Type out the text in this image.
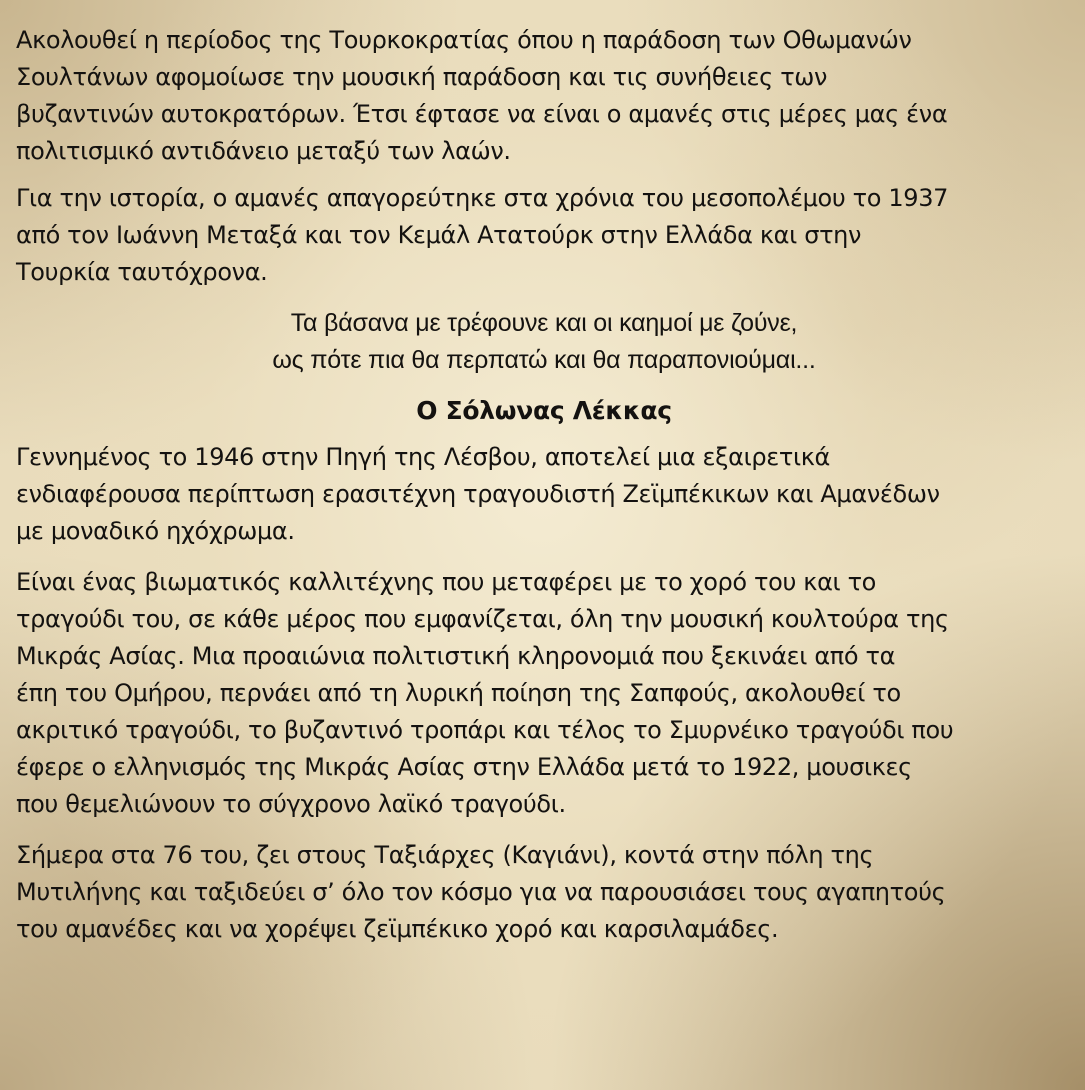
Ακολουθεί η περίοδος της Τουρκοκρατίας όπου η παράδοση των Οθωμανών
Σουλτάνων αφομοίωσε την μουσική παράδοση και τις συνήθειες των
βυζαντινών αυτοκρατόρων. Έτσι έφτασε να είναι ο αμανές στις μέρες μας ένα
πολιτισμικό αντιδάνειο μεταξύ των λαών.

Για την ιστορία, ο αμανές απαγορεύτηκε στα χρόνια του μεσοπολέμου το 1937
από τον Ιωάννη Μεταξά και τον Κεμάλ Ατατούρκ στην Ελλάδα και στην
Τουρκία ταυτόχρονα.

Τα βάσανα με τρέφουνε και οι καημοί με ζούνε,
ως πότε πια θα περπατώ και θα παραπονιούμαι...
Ο Σόλωνας Λέκκας

Γεννημένος το 1946 στην Πηγή της Λέσβου, αποτελεί μια εξαιρετικά
ενδιαφέρουσα περίπτωση ερασιτέχνη τραγουδιστή Ζεϊμπέκικων και Αμανέδων
με μοναδικό ηχόχρωμα.

Είναι ένας βιωματικός καλλιτέχνης που μεταφέρει με το χορό του και το
τραγούδι του, σε κάθε μέρος που εμφανίζεται, όλη την μουσική κουλτούρα της
Μικράς Ασίας. Μια προαιώνια πολιτιστική κληρονομιά που ξεκινάει από τα
έπη του Ομήρου, περνάει από τη λυρική ποίηση της Σαπφούς, ακολουθεί το
ακριτικό τραγούδι, το βυζαντινό τροπάρι και τέλος το Σμυρνέικο τραγούδι που
έφερε ο ελληνισμός της Μικράς Ασίας στην Ελλάδα μετά το 1922, μουσικες
που θεμελιώνουν το σύγχρονο λαϊκό τραγούδι.

Σήμερα στα 76 του, ζει στους Ταξιάρχες (Καγιάνι), κοντά στην πόλη της
Μυτιλήνης και ταξιδεύει σ’ όλο τον κόσμο για να παρουσιάσει τους αγαπητούς
του αμανέδες και να χορέψει ζεϊμπέκικο χορό και καρσιλαμάδες.
